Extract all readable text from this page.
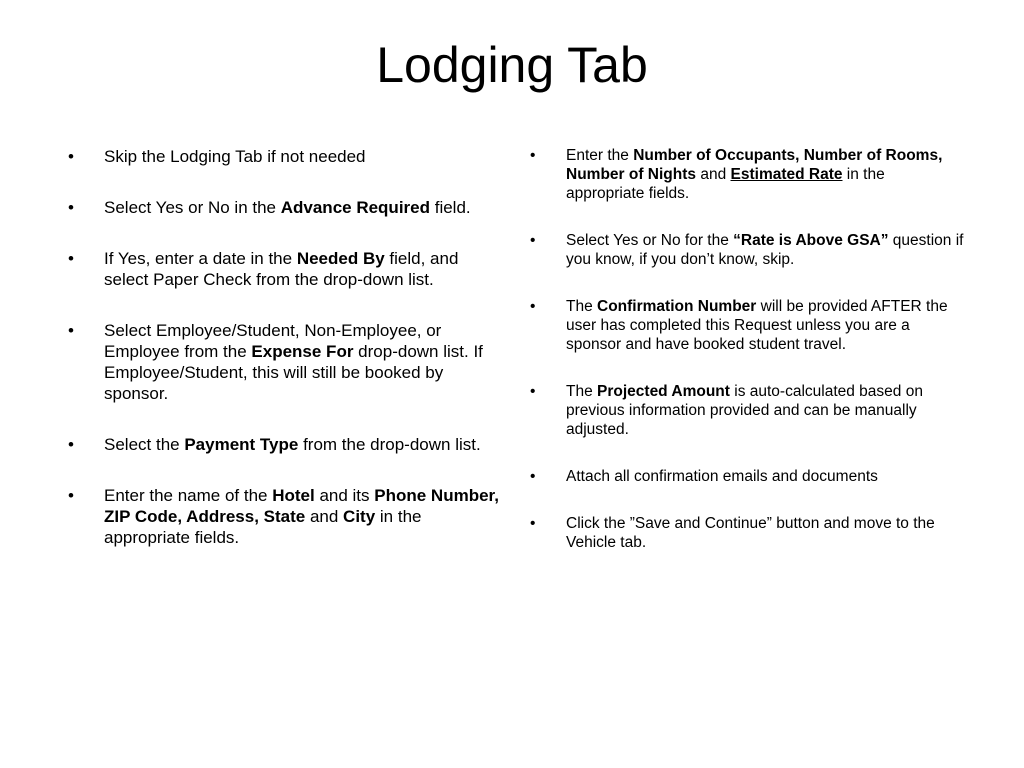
Lodging Tab
• Skip the Lodging Tab if not needed
• Select Yes or No in the Advance Required field.
• If Yes, enter a date in the Needed By field, and select Paper Check from the drop-down list.
• Select Employee/Student, Non-Employee, or Employee from the Expense For drop-down list. If Employee/Student, this will still be booked by sponsor.
• Select the Payment Type from the drop-down list.
• Enter the name of the Hotel and its Phone Number, ZIP Code, Address, State and City in the appropriate fields.
• Enter the Number of Occupants, Number of Rooms, Number of Nights and Estimated Rate in the appropriate fields.
• Select Yes or No for the “Rate is Above GSA” question if you know, if you don’t know, skip.
• The Confirmation Number will be provided AFTER the user has completed this Request unless you are a sponsor and have booked student travel.
• The Projected Amount is auto-calculated based on previous information provided and can be manually adjusted.
• Attach all confirmation emails and documents
• Click the ”Save and Continue” button and move to the Vehicle tab.
